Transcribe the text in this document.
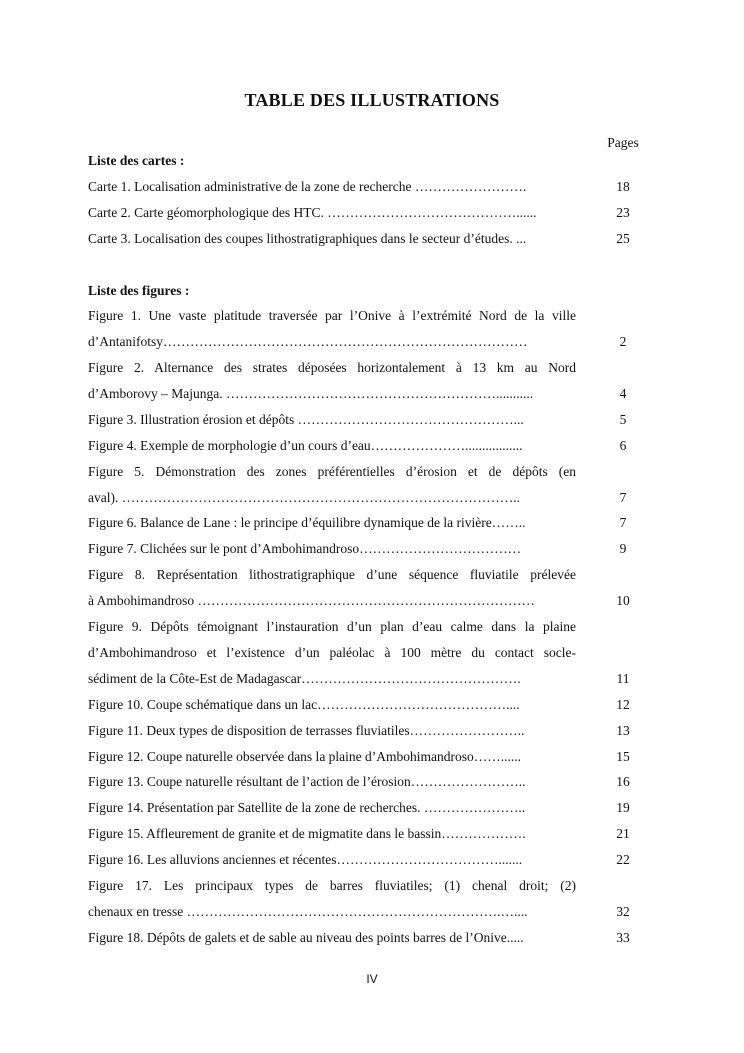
TABLE DES ILLUSTRATIONS
Pages
Liste des cartes :
Carte 1. Localisation administrative de la zone de recherche …………………….	18
Carte 2. Carte géomorphologique des HTC. ……………………………………......	23
Carte 3. Localisation des coupes lithostratigraphiques dans le secteur d’études. ...	25
Liste des figures :
Figure 1. Une vaste platitude traversée par l’Onive à l’extrémité Nord de la ville
d’Antanifotsy………………………………………………………………………	2
Figure 2. Alternance des strates déposées horizontalement à 13 km au Nord
d’Amborovy – Majunga. ……………………………………………………...........	4
Figure 3. Illustration érosion et dépôts …………………………………………...	5
Figure 4. Exemple de morphologie d’un cours d’eau………………….................	6
Figure 5. Démonstration des zones préférentielles d’érosion et de dépôts (en
aval). ……………………………………………………………………………..	7
Figure 6. Balance de Lane : le principe d’équilibre dynamique de la rivière……..	7
Figure 7. Clichées sur le pont d’Ambohimandroso………………………………	9
Figure 8. Représentation lithostratigraphique d’une séquence fluviatile prélevée
à Ambohimandroso …………………………………………………………………	10
Figure 9. Dépôts témoignant l’instauration d’un plan d’eau calme dans la plaine
d’Ambohimandroso et l’existence d’un paléolac à 100 mètre du contact socle-
sédiment de la Côte-Est de Madagascar………………………………………….	11
Figure 10. Coupe schématique dans un lac……………………………………....	12
Figure 11. Deux types de disposition de terrasses fluviatiles……………………..	13
Figure 12. Coupe naturelle observée dans la plaine d’Ambohimandroso……......	15
Figure 13. Coupe naturelle résultant de l’action de l’érosion……………………..	16
Figure 14. Présentation par Satellite de la zone de recherches. …………………..	19
Figure 15. Affleurement de granite et de migmatite dans le bassin……………….	21
Figure 16. Les alluvions anciennes et récentes……………………………….......	22
Figure 17. Les principaux types de barres fluviatiles; (1) chenal droit; (2)
chenaux en tresse …………………………………………………………….…....	32
Figure 18. Dépôts de galets et de sable au niveau des points barres de l’Onive.....	33
IV
